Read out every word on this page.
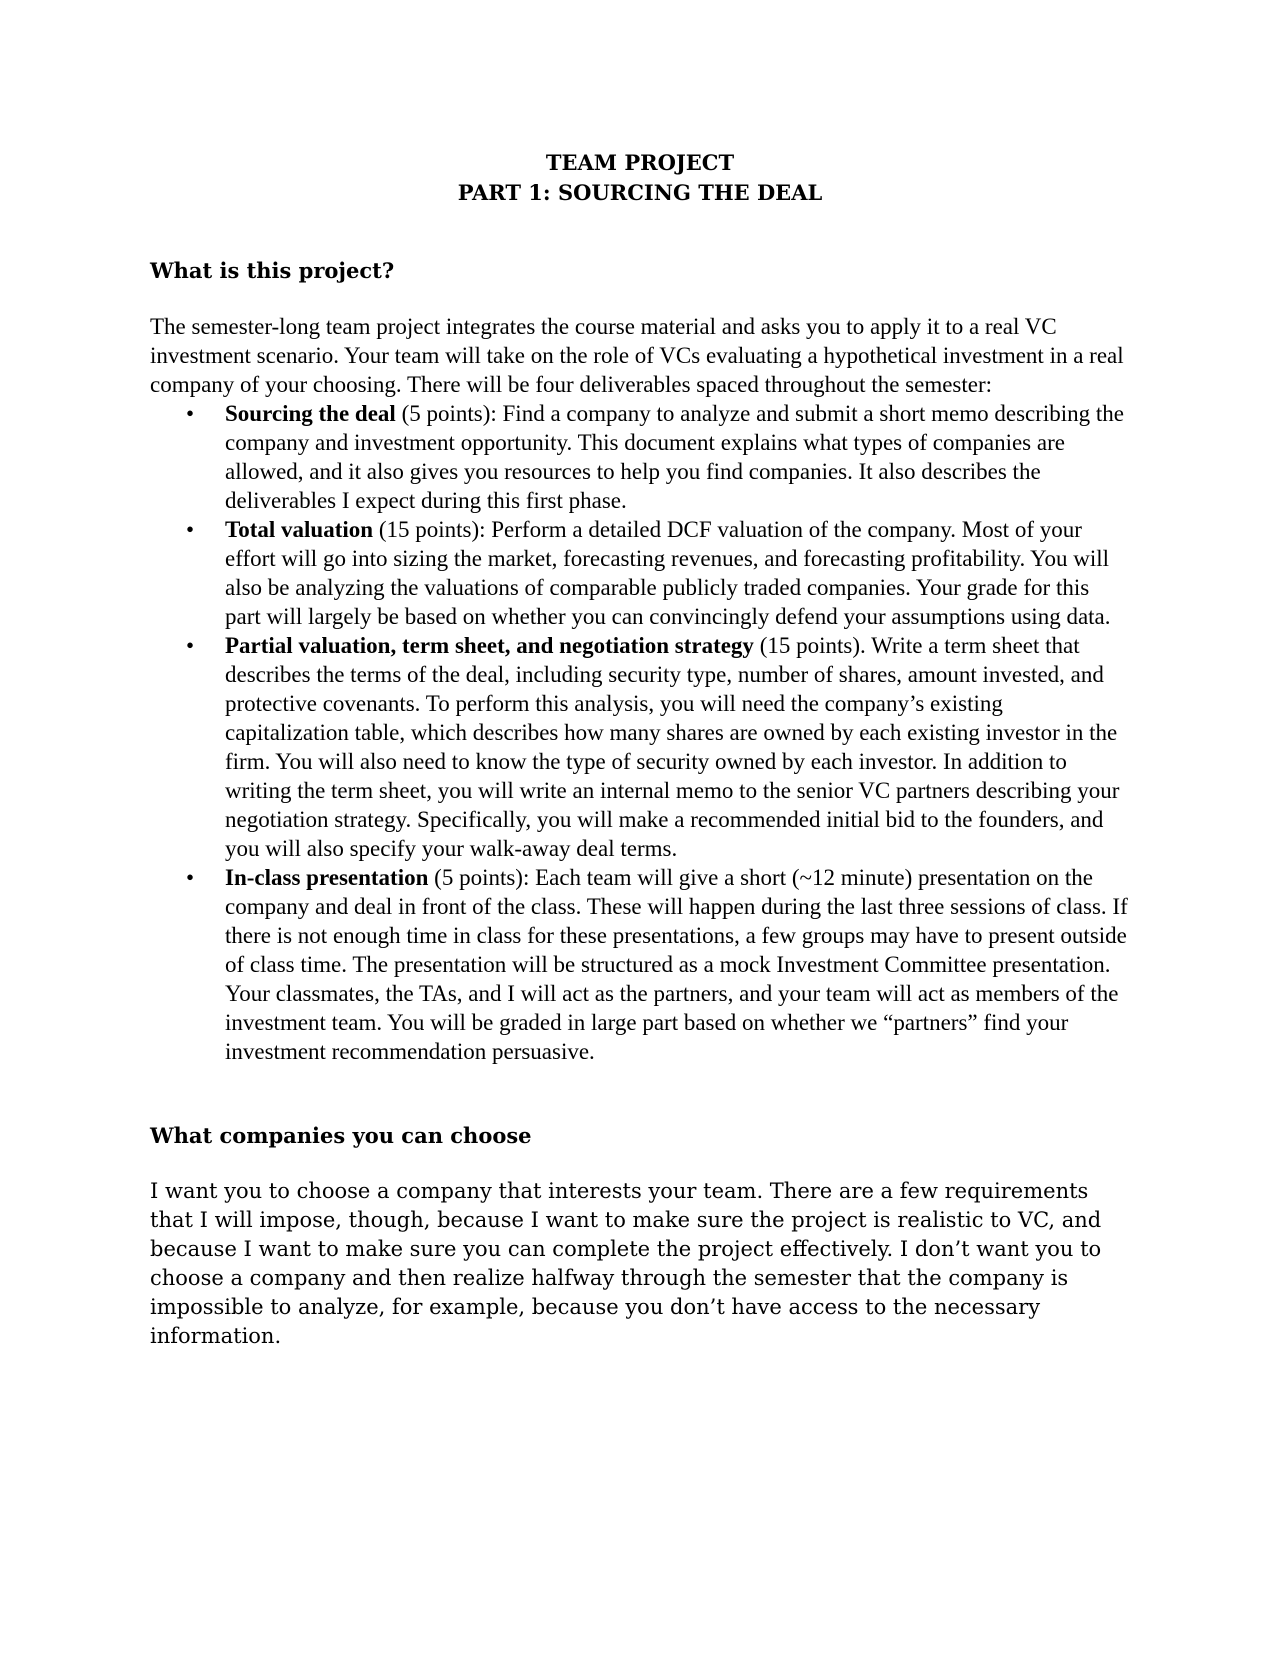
TEAM PROJECT
PART 1: SOURCING THE DEAL
What is this project?

The semester-long team project integrates the course material and asks you to apply it to a real VC investment scenario. Your team will take on the role of VCs evaluating a hypothetical investment in a real company of your choosing. There will be four deliverables spaced throughout the semester:

• Sourcing the deal (5 points): Find a company to analyze and submit a short memo describing the company and investment opportunity. This document explains what types of companies are allowed, and it also gives you resources to help you find companies. It also describes the deliverables I expect during this first phase.
• Total valuation (15 points): Perform a detailed DCF valuation of the company. Most of your effort will go into sizing the market, forecasting revenues, and forecasting profitability. You will also be analyzing the valuations of comparable publicly traded companies. Your grade for this part will largely be based on whether you can convincingly defend your assumptions using data.
• Partial valuation, term sheet, and negotiation strategy (15 points). Write a term sheet that describes the terms of the deal, including security type, number of shares, amount invested, and protective covenants. To perform this analysis, you will need the company’s existing capitalization table, which describes how many shares are owned by each existing investor in the firm. You will also need to know the type of security owned by each investor. In addition to writing the term sheet, you will write an internal memo to the senior VC partners describing your negotiation strategy. Specifically, you will make a recommended initial bid to the founders, and you will also specify your walk-away deal terms.
• In-class presentation (5 points): Each team will give a short (~12 minute) presentation on the company and deal in front of the class. These will happen during the last three sessions of class. If there is not enough time in class for these presentations, a few groups may have to present outside of class time. The presentation will be structured as a mock Investment Committee presentation. Your classmates, the TAs, and I will act as the partners, and your team will act as members of the investment team. You will be graded in large part based on whether we “partners” find your investment recommendation persuasive.
What companies you can choose

I want you to choose a company that interests your team. There are a few requirements that I will impose, though, because I want to make sure the project is realistic to VC, and because I want to make sure you can complete the project effectively. I don’t want you to choose a company and then realize halfway through the semester that the company is impossible to analyze, for example, because you don’t have access to the necessary information.
